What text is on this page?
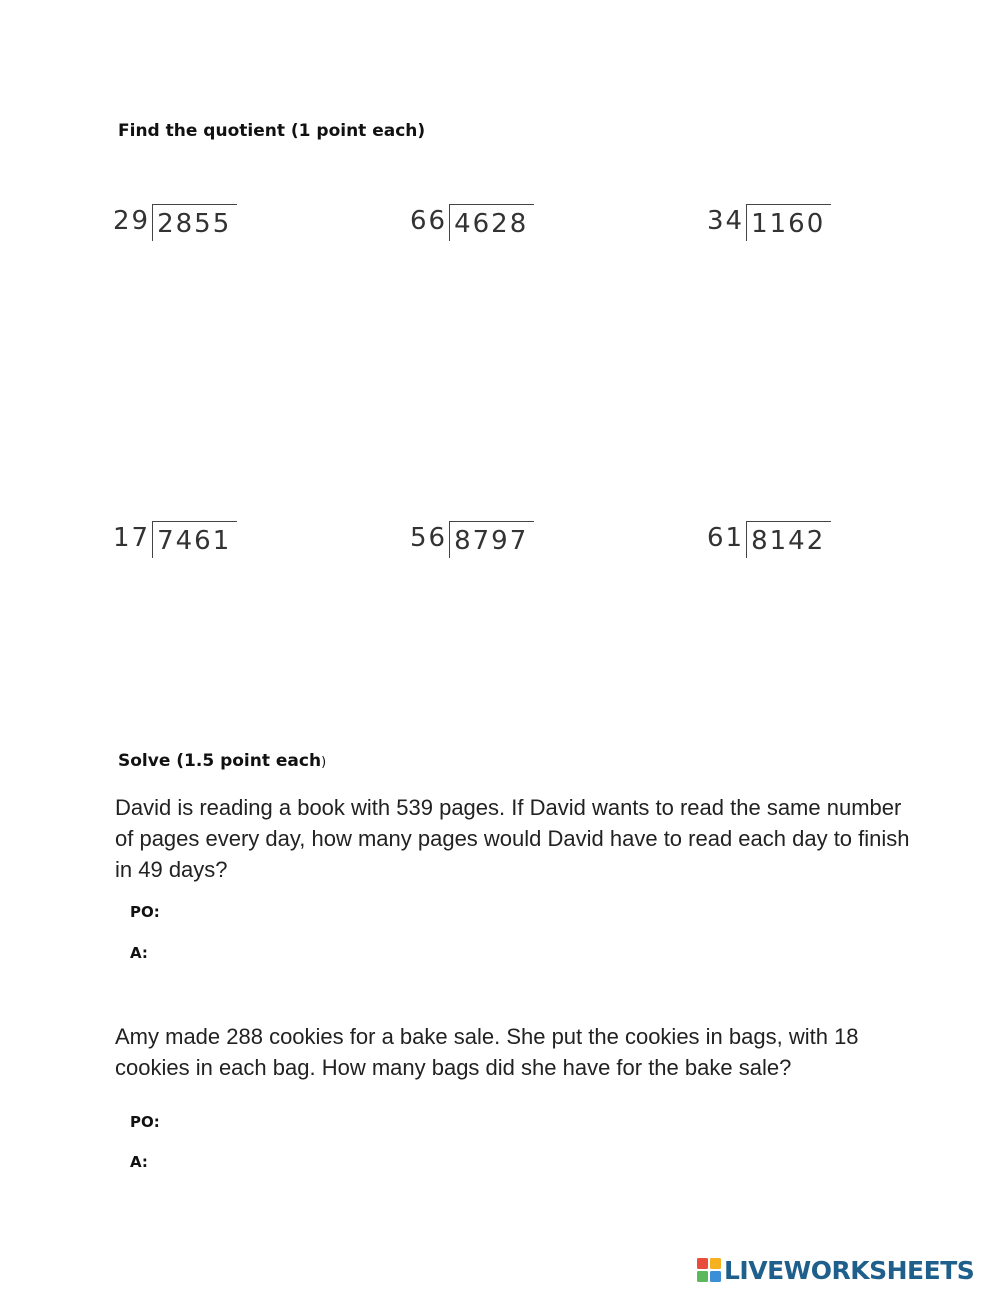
Find the quotient (1 point each)
29 2855	66 4628	34 1160
17 7461	56 8797	61 8142
Solve (1.5 point each)
David is reading a book with 539 pages. If David wants to read the same number of pages every day, how many pages would David have to read each day to finish in 49 days?
PO:
A:
Amy made 288 cookies for a bake sale. She put the cookies in bags, with 18 cookies in each bag. How many bags did she have for the bake sale?
PO:
A:
LIVEWORKSHEETS
